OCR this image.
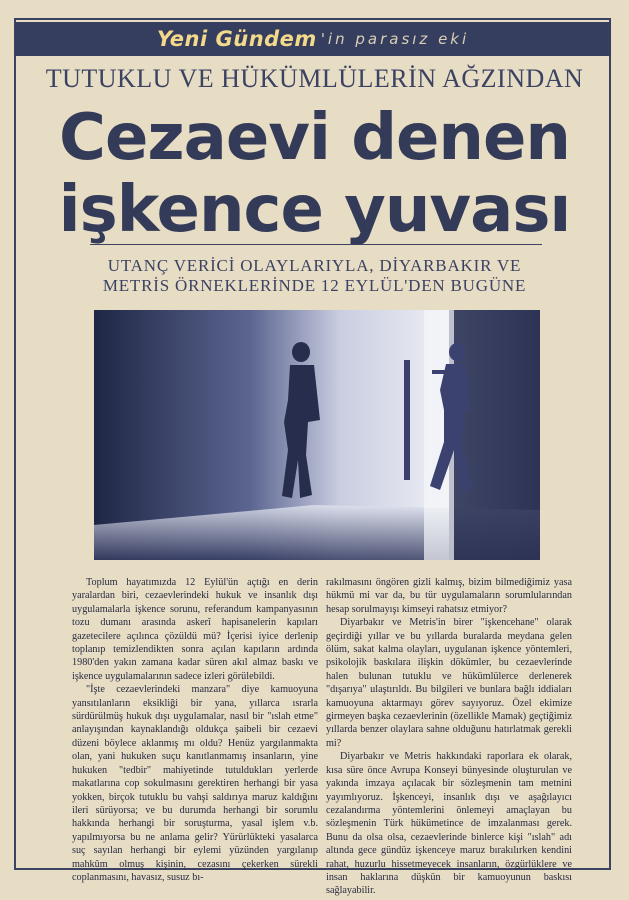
Yeni Gündem 'in parasız eki
TUTUKLU VE HÜKÜMLÜLERİN AĞZINDAN
Cezaevi denen
işkence yuvası
UTANÇ VERİCİ OLAYLARIYLA, DİYARBAKIR VE
METRİS ÖRNEKLERİNDE 12 EYLÜL'DEN BUGÜNE

Toplum hayatımızda 12 Eylül'ün açtığı en derin yaralardan biri, cezaevlerindeki hukuk ve insanlık dışı uygulamalarla işkence sorunu, referandum kampanyasının tozu dumanı arasında askerî hapisanelerin kapıları gazetecilere açılınca çözüldü mü? İçerisi iyice derlenip toplanıp temizlendikten sonra açılan kapıların ardında 1980'den yakın zamana kadar süren akıl almaz baskı ve işkence uygulamalarının sadece izleri görülebildi.

"İşte cezaevlerindeki manzara" diye kamuoyuna yansıtılanların eksikliği bir yana, yıllarca ısrarla sürdürülmüş hukuk dışı uygulamalar, nasıl bir "ıslah etme" anlayışından kaynaklandığı oldukça şaibeli bir cezaevi düzeni böylece aklanmış mı oldu? Henüz yargılanmakta olan, yani hukuken suçu kanıtlanmamış insanların, yine hukuken "tedbir" mahiyetinde tutuldukları yerlerde makatlarına cop sokulmasını gerektiren herhangi bir yasa yokken, birçok tutuklu bu vahşi saldırıya maruz kaldığını ileri sürüyorsa; ve bu durumda herhangi bir sorumlu hakkında herhangi bir soruşturma, yasal işlem v.b. yapılmıyorsa bu ne anlama gelir? Yürürlükteki yasalarca suç sayılan herhangi bir eylemi yüzünden yargılanıp mahkûm olmuş kişinin, cezasını çekerken sürekli coplanmasını, havasız, susuz bı-

rakılmasını öngören gizli kalmış, bizim bilmediğimiz yasa hükmü mi var da, bu tür uygulamaların sorumlularından hesap sorulmayışı kimseyi rahatsız etmiyor?

Diyarbakır ve Metris'in birer "işkencehane" olarak geçirdiği yıllar ve bu yıllarda buralarda meydana gelen ölüm, sakat kalma olayları, uygulanan işkence yöntemleri, psikolojik baskılara ilişkin dökümler, bu cezaevlerinde halen bulunan tutuklu ve hükümlülerce derlenerek "dışarıya" ulaştırıldı. Bu bilgileri ve bunlara bağlı iddiaları kamuoyuna aktarmayı görev sayıyoruz. Özel ekimize girmeyen başka cezaevlerinin (özellikle Mamak) geçtiğimiz yıllarda benzer olaylara sahne olduğunu hatırlatmak gerekli mi?

Diyarbakır ve Metris hakkındaki raporlara ek olarak, kısa süre önce Avrupa Konseyi bünyesinde oluşturulan ve yakında imzaya açılacak bir sözleşmenin tam metnini yayımlıyoruz. İşkenceyi, insanlık dışı ve aşağılayıcı cezalandırma yöntemlerini önlemeyi amaçlayan bu sözleşmenin Türk hükümetince de imzalanması gerek. Bunu da olsa olsa, cezaevlerinde binlerce kişi "ıslah" adı altında gece gündüz işkenceye maruz bırakılırken kendini rahat, huzurlu hissetmeyecek insanların, özgürlüklere ve insan haklarına düşkün bir kamuoyunun baskısı sağlayabilir.
